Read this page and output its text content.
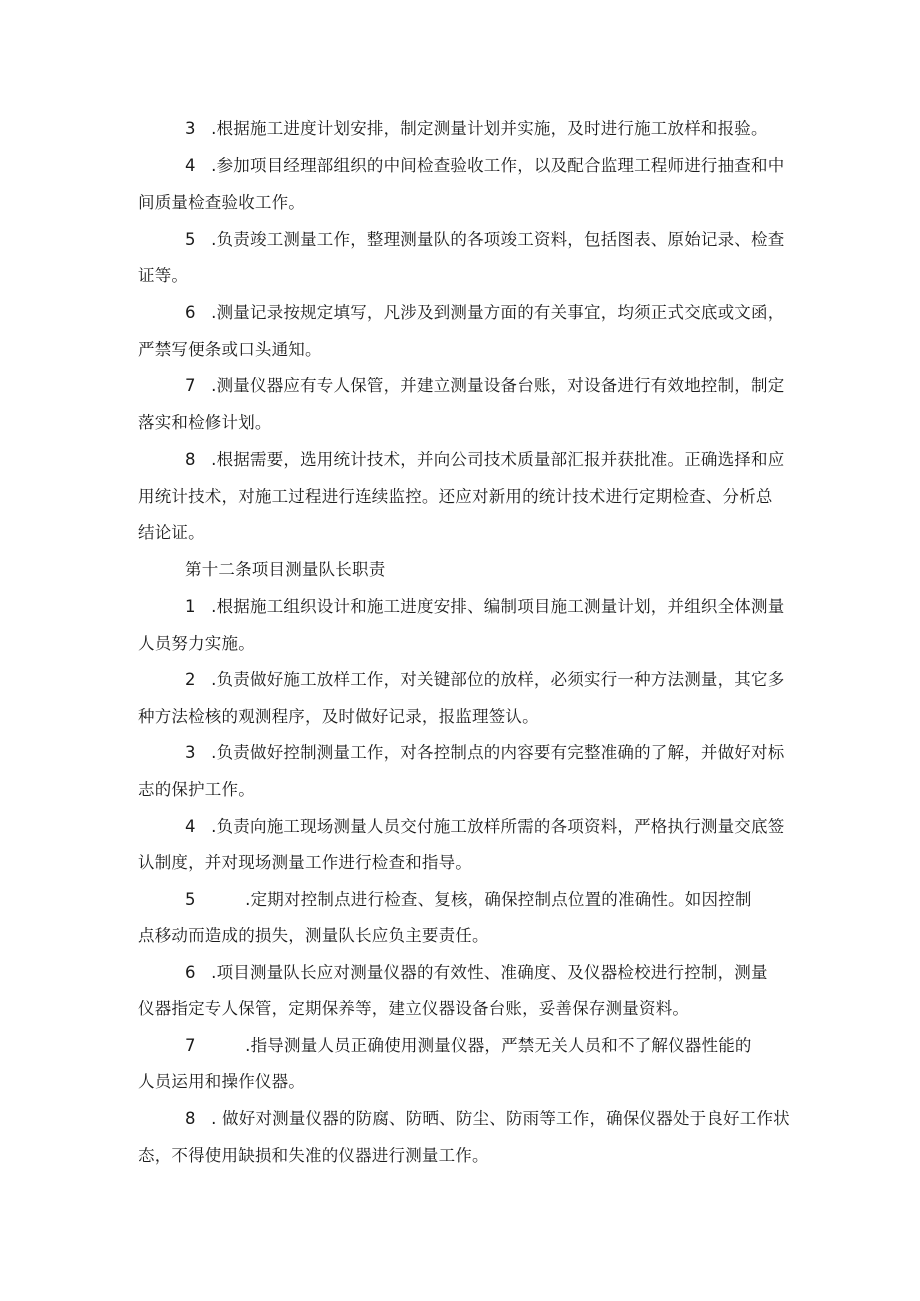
3 .根据施工进度计划安排，制定测量计划并实施，及时进行施工放样和报验。
4 .参加项目经理部组织的中间检查验收工作，以及配合监理工程师进行抽查和中
间质量检查验收工作。
5 .负责竣工测量工作，整理测量队的各项竣工资料，包括图表、原始记录、检查
证等。
6 .测量记录按规定填写，凡涉及到测量方面的有关事宜，均须正式交底或文函，
严禁写便条或口头通知。
7 .测量仪器应有专人保管，并建立测量设备台账，对设备进行有效地控制，制定
落实和检修计划。
8 .根据需要，选用统计技术，并向公司技术质量部汇报并获批准。正确选择和应
用统计技术，对施工过程进行连续监控。还应对新用的统计技术进行定期检查、分析总
结论证。
第十二条项目测量队长职责
1 .根据施工组织设计和施工进度安排、编制项目施工测量计划，并组织全体测量
人员努力实施。
2 .负责做好施工放样工作，对关键部位的放样，必须实行一种方法测量，其它多
种方法检核的观测程序，及时做好记录，报监理签认。
3 .负责做好控制测量工作，对各控制点的内容要有完整准确的了解，并做好对标
志的保护工作。
4 .负责向施工现场测量人员交付施工放样所需的各项资料，严格执行测量交底签
认制度，并对现场测量工作进行检查和指导。
5	.定期对控制点进行检查、复核，确保控制点位置的准确性。如因控制
点移动而造成的损失，测量队长应负主要责任。
6 .项目测量队长应对测量仪器的有效性、准确度、及仪器检校进行控制，测量
仪器指定专人保管，定期保养等，建立仪器设备台账，妥善保存测量资料。
7	.指导测量人员正确使用测量仪器，严禁无关人员和不了解仪器性能的
人员运用和操作仪器。
8 . 做好对测量仪器的防腐、防晒、防尘、防雨等工作，确保仪器处于良好工作状
态，不得使用缺损和失准的仪器进行测量工作。
